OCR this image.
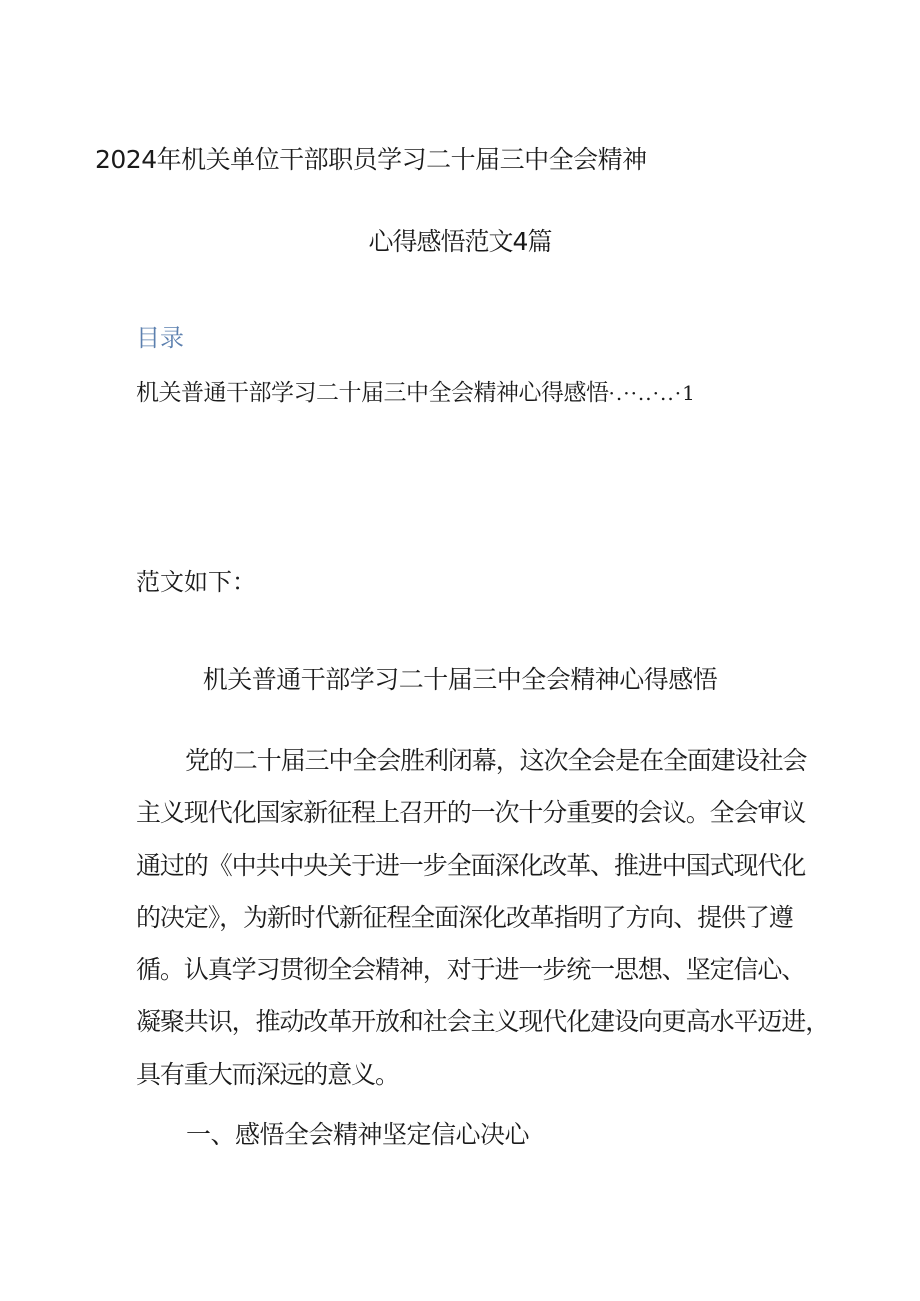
2024年机关单位干部职员学习二十届三中全会精神
心得感悟范文4篇
目录
机关普通干部学习二十届三中全会精神心得感悟·.··..·..·1
范文如下：
机关普通干部学习二十届三中全会精神心得感悟
党的二十届三中全会胜利闭幕，这次全会是在全面建设社会
主义现代化国家新征程上召开的一次十分重要的会议。全会审议
通过的《中共中央关于进一步全面深化改革、推进中国式现代化
的决定》，为新时代新征程全面深化改革指明了方向、提供了遵
循。认真学习贯彻全会精神，对于进一步统一思想、坚定信心、
凝聚共识，推动改革开放和社会主义现代化建设向更高水平迈进，
具有重大而深远的意义。
一、感悟全会精神坚定信心决心
